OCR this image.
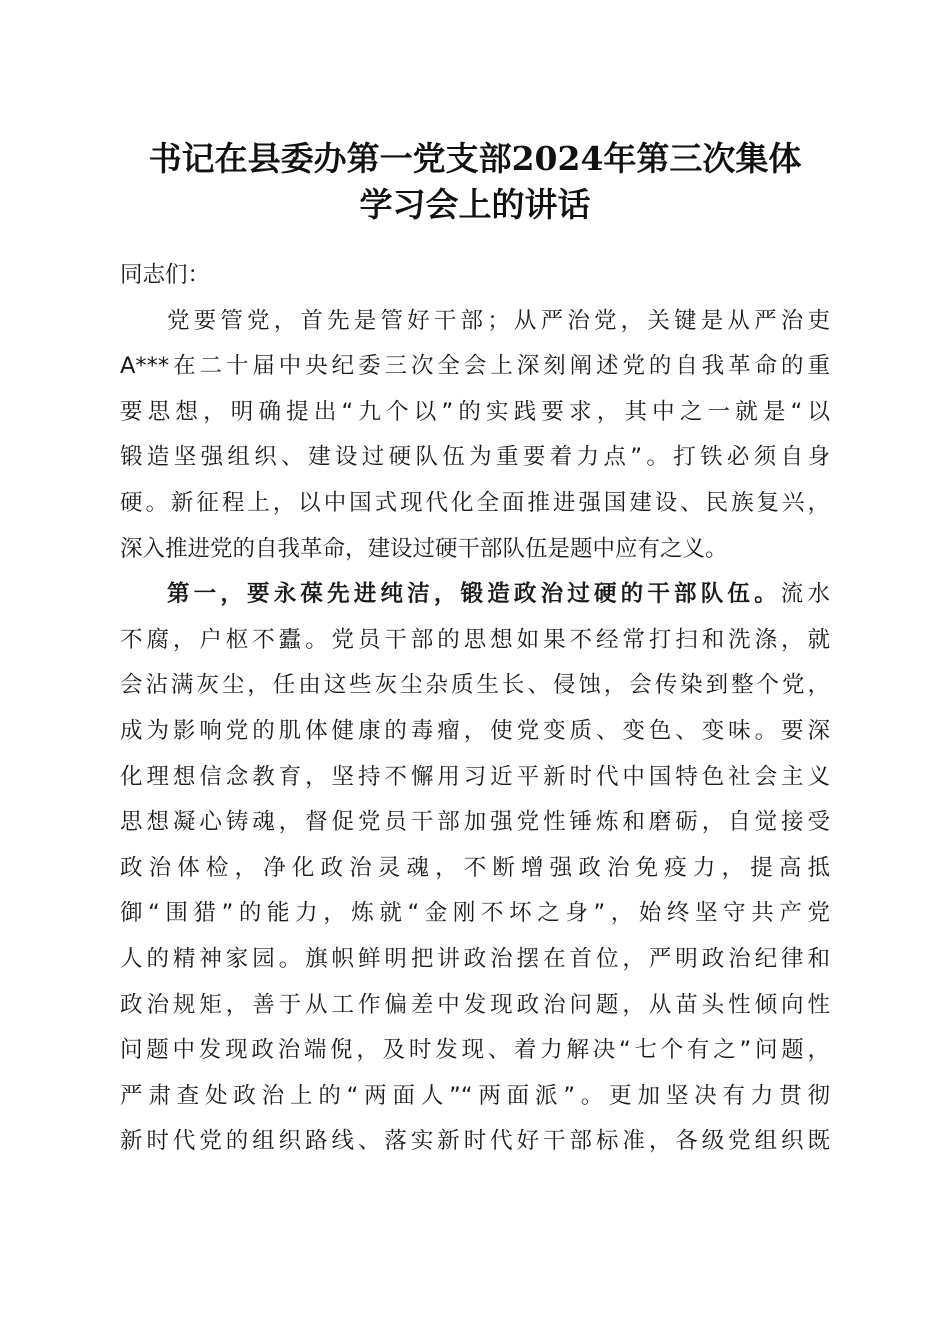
书记在县委办第一党支部2024年第三次集体
学习会上的讲话
同志们：
党要管党，首先是管好干部；从严治党，关键是从严治吏
A***在二十届中央纪委三次全会上深刻阐述党的自我革命的重
要思想，明确提出“九个以”的实践要求，其中之一就是“以
锻造坚强组织、建设过硬队伍为重要着力点”。打铁必须自身
硬。新征程上，以中国式现代化全面推进强国建设、民族复兴，
深入推进党的自我革命，建设过硬干部队伍是题中应有之义。
第一，要永葆先进纯洁，锻造政治过硬的干部队伍。流水
不腐，户枢不蠹。党员干部的思想如果不经常打扫和洗涤，就
会沾满灰尘，任由这些灰尘杂质生长、侵蚀，会传染到整个党，
成为影响党的肌体健康的毒瘤，使党变质、变色、变味。要深
化理想信念教育，坚持不懈用习近平新时代中国特色社会主义
思想凝心铸魂，督促党员干部加强党性锤炼和磨砺，自觉接受
政治体检，净化政治灵魂，不断增强政治免疫力，提高抵
御“围猎”的能力，炼就“金刚不坏之身”，始终坚守共产党
人的精神家园。旗帜鲜明把讲政治摆在首位，严明政治纪律和
政治规矩，善于从工作偏差中发现政治问题，从苗头性倾向性
问题中发现政治端倪，及时发现、着力解决“七个有之”问题，
严肃查处政治上的“两面人”“两面派”。更加坚决有力贯彻
新时代党的组织路线、落实新时代好干部标准，各级党组织既
